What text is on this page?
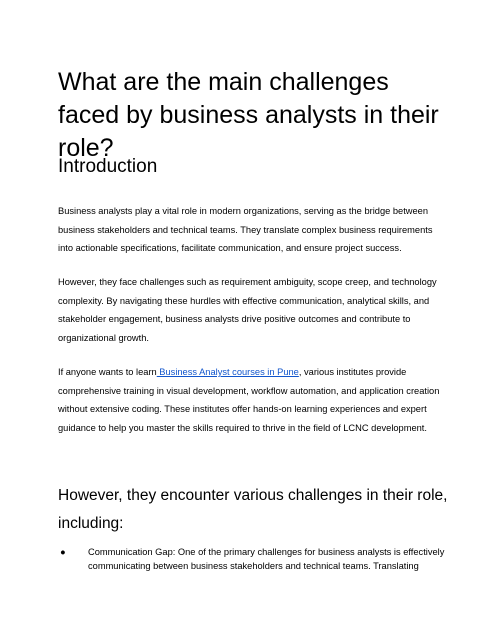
What are the main challenges faced by business analysts in their role?
Introduction

Business analysts play a vital role in modern organizations, serving as the bridge between business stakeholders and technical teams. They translate complex business requirements into actionable specifications, facilitate communication, and ensure project success.

However, they face challenges such as requirement ambiguity, scope creep, and technology complexity. By navigating these hurdles with effective communication, analytical skills, and stakeholder engagement, business analysts drive positive outcomes and contribute to organizational growth.

If anyone wants to learn Business Analyst courses in Pune, various institutes provide comprehensive training in visual development, workflow automation, and application creation without extensive coding. These institutes offer hands-on learning experiences and expert guidance to help you master the skills required to thrive in the field of LCNC development.

However, they encounter various challenges in their role, including:
● Communication Gap: One of the primary challenges for business analysts is effectively communicating between business stakeholders and technical teams. Translating
